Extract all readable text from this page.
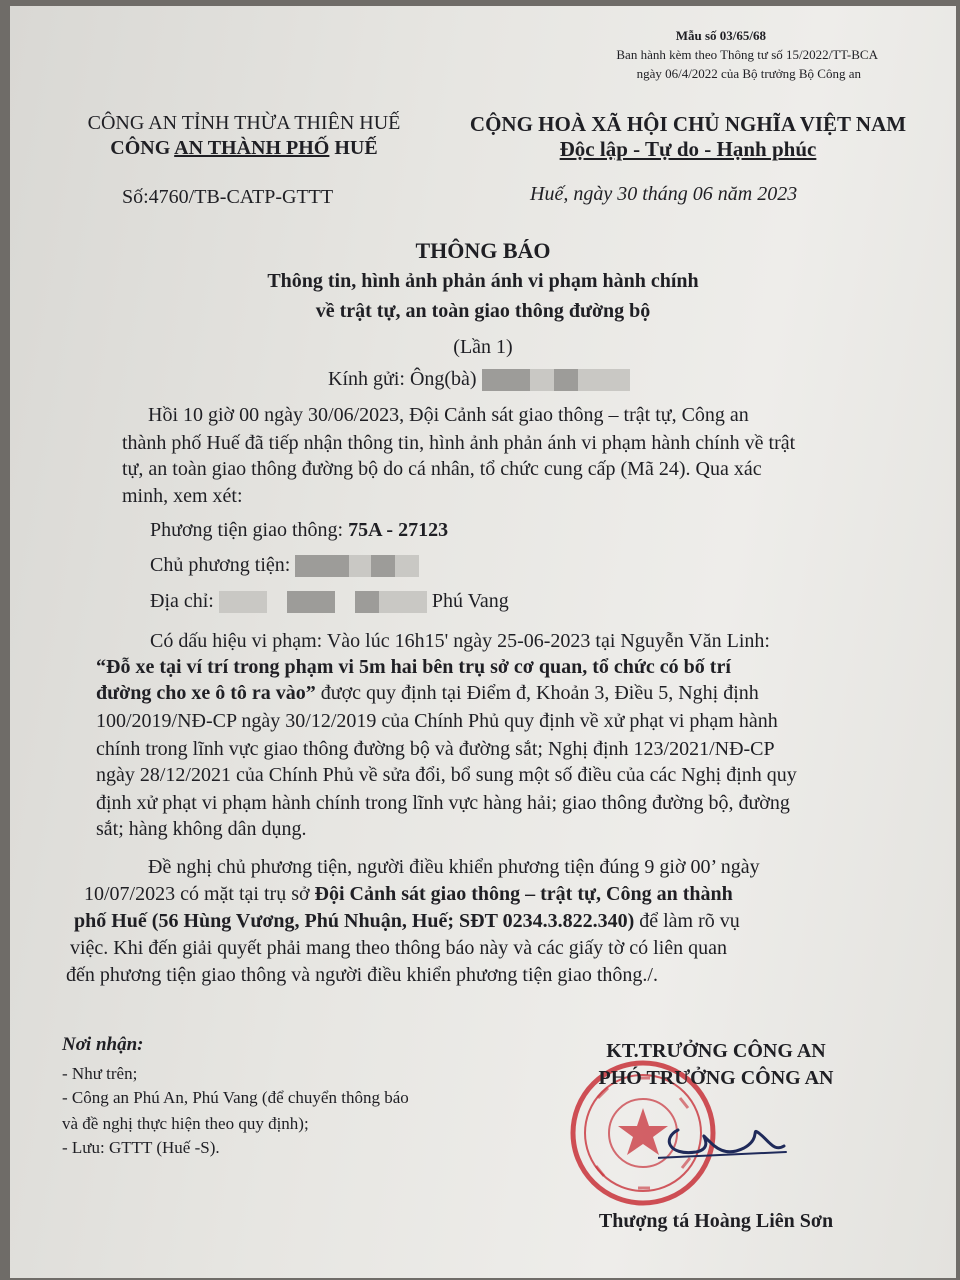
Mẫu số 03/65/68
Ban hành kèm theo Thông tư số 15/2022/TT-BCA
ngày 06/4/2022 của Bộ trưởng Bộ Công an
CÔNG AN TỈNH THỪA THIÊN HUẾ
CÔNG AN THÀNH PHỐ HUẾ
CỘNG HOÀ XÃ HỘI CHỦ NGHĨA VIỆT NAM
Độc lập - Tự do - Hạnh phúc
Số:4760/TB-CATP-GTTT	Huế, ngày 30 tháng 06 năm 2023
THÔNG BÁO
Thông tin, hình ảnh phản ánh vi phạm hành chính
về trật tự, an toàn giao thông đường bộ
(Lần 1)
Kính gửi: Ông(bà)
Hồi 10 giờ 00 ngày 30/06/2023, Đội Cảnh sát giao thông – trật tự, Công an
thành phố Huế đã tiếp nhận thông tin, hình ảnh phản ánh vi phạm hành chính về trật
tự, an toàn giao thông đường bộ do cá nhân, tổ chức cung cấp (Mã 24). Qua xác
minh, xem xét:
Phương tiện giao thông: 75A - 27123
Chủ phương tiện:
Địa chỉ:	Phú Vang
Có dấu hiệu vi phạm: Vào lúc 16h15' ngày 25-06-2023 tại Nguyễn Văn Linh:
“Đỗ xe tại ví trí trong phạm vi 5m hai bên trụ sở cơ quan, tổ chức có bố trí
đường cho xe ô tô ra vào” được quy định tại Điểm đ, Khoản 3, Điều 5, Nghị định
100/2019/NĐ-CP ngày 30/12/2019 của Chính Phủ quy định về xử phạt vi phạm hành
chính trong lĩnh vực giao thông đường bộ và đường sắt; Nghị định 123/2021/NĐ-CP
ngày 28/12/2021 của Chính Phủ về sửa đổi, bổ sung một số điều của các Nghị định quy
định xử phạt vi phạm hành chính trong lĩnh vực hàng hải; giao thông đường bộ, đường
sắt; hàng không dân dụng.
Đề nghị chủ phương tiện, người điều khiển phương tiện đúng 9 giờ 00’ ngày
10/07/2023 có mặt tại trụ sở Đội Cảnh sát giao thông – trật tự, Công an thành
phố Huế (56 Hùng Vương, Phú Nhuận, Huế; SĐT 0234.3.822.340) để làm rõ vụ
việc. Khi đến giải quyết phải mang theo thông báo này và các giấy tờ có liên quan
đến phương tiện giao thông và người điều khiển phương tiện giao thông./.
Nơi nhận:
- Như trên;
- Công an Phú An, Phú Vang (để chuyển thông báo
và đề nghị thực hiện theo quy định);
- Lưu: GTTT (Huế -S).
KT.TRƯỞNG CÔNG AN
PHÓ TRƯỞNG CÔNG AN
Thượng tá Hoàng Liên Sơn
